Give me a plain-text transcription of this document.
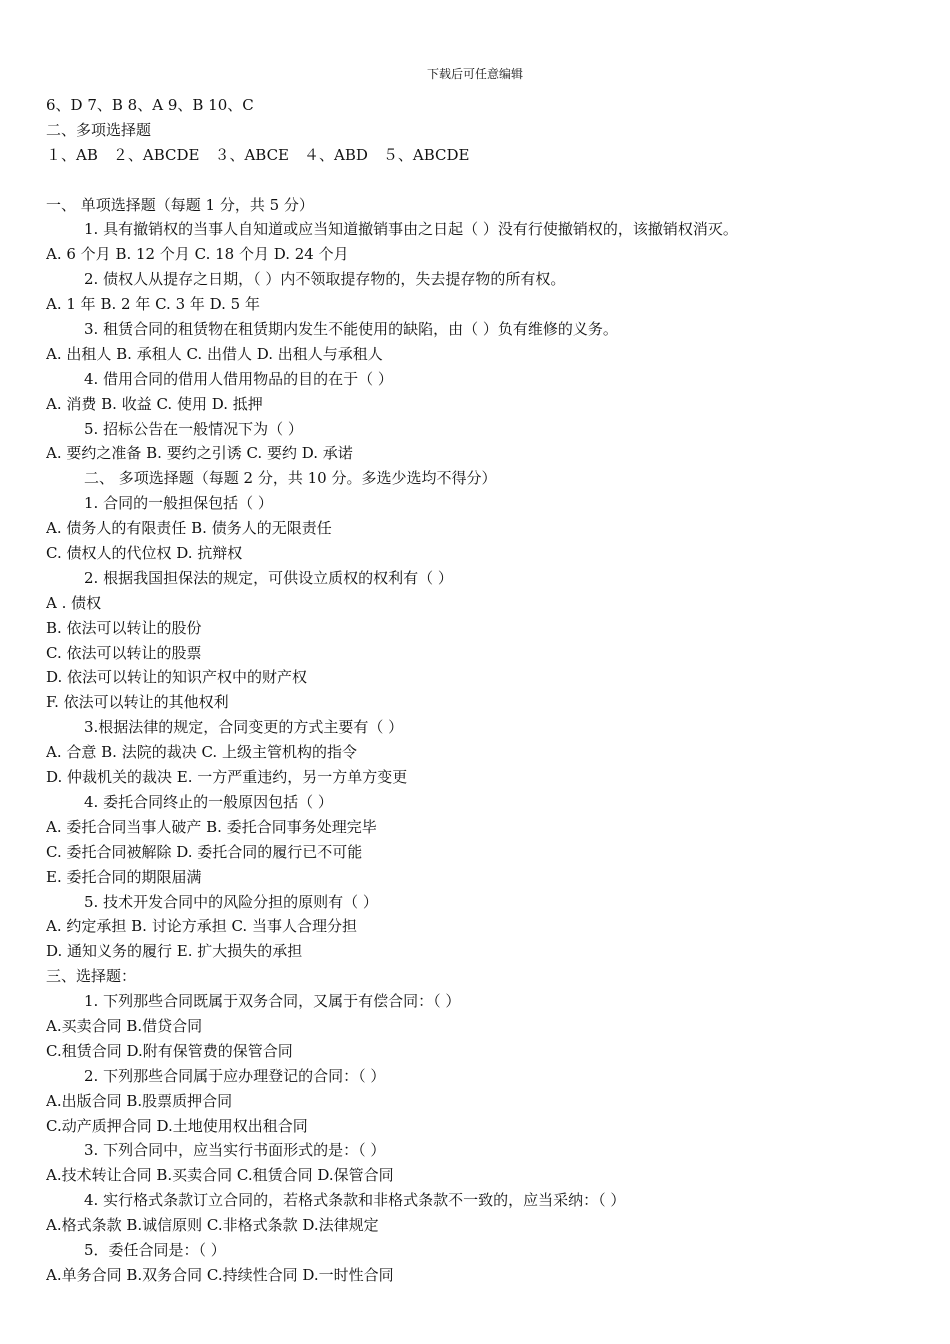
下载后可任意编辑
6、D 7、B 8、A 9、B 10、C
二、多项选择题
１、AB　２、ABCDE　３、ABCE　４、ABD　５、ABCDE
一、 单项选择题（每题 1 分，共 5 分）
1. 具有撤销权的当事人自知道或应当知道撤销事由之日起（ ）没有行使撤销权的，该撤销权消灭。
A. 6 个月 B. 12 个月 C. 18 个月 D. 24 个月
2. 债权人从提存之日期，（ ）内不领取提存物的，失去提存物的所有权。
A. 1 年 B. 2 年 C. 3 年 D. 5 年
3. 租赁合同的租赁物在租赁期内发生不能使用的缺陷，由（ ）负有维修的义务。
A. 出租人 B. 承租人 C. 出借人 D. 出租人与承租人
4. 借用合同的借用人借用物品的目的在于（ ）
A. 消费 B. 收益 C. 使用 D. 抵押
5. 招标公告在一般情况下为（ ）
A. 要约之准备 B. 要约之引诱 C. 要约 D. 承诺
二、 多项选择题（每题 2 分，共 10 分。多选少选均不得分）
1. 合同的一般担保包括（ ）
A. 债务人的有限责任 B. 债务人的无限责任
C. 债权人的代位权 D. 抗辩权
2. 根据我国担保法的规定，可供设立质权的权利有（ ）
A . 债权
B. 依法可以转让的股份
C. 依法可以转让的股票
D. 依法可以转让的知识产权中的财产权
F. 依法可以转让的其他权利
3.根据法律的规定，合同变更的方式主要有（ ）
A. 合意 B. 法院的裁决 C. 上级主管机构的指令
D. 仲裁机关的裁决 E. 一方严重违约，另一方单方变更
4. 委托合同终止的一般原因包括（ ）
A. 委托合同当事人破产 B. 委托合同事务处理完毕
C. 委托合同被解除 D. 委托合同的履行已不可能
E. 委托合同的期限届满
5. 技术开发合同中的风险分担的原则有（ ）
A. 约定承担 B. 讨论方承担 C. 当事人合理分担
D. 通知义务的履行 E. 扩大损失的承担
三、选择题：
1. 下列那些合同既属于双务合同，又属于有偿合同：（ ）
A.买卖合同 B.借贷合同
C.租赁合同 D.附有保管费的保管合同
2. 下列那些合同属于应办理登记的合同：（ ）
A.出版合同 B.股票质押合同
C.动产质押合同 D.土地使用权出租合同
3. 下列合同中，应当实行书面形式的是：（ ）
A.技术转让合同 B.买卖合同 C.租赁合同 D.保管合同
4. 实行格式条款订立合同的，若格式条款和非格式条款不一致的，应当采纳：（ ）
A.格式条款 B.诚信原则 C.非格式条款 D.法律规定
5．委任合同是：（ ）
A.单务合同 B.双务合同 C.持续性合同 D.一时性合同
